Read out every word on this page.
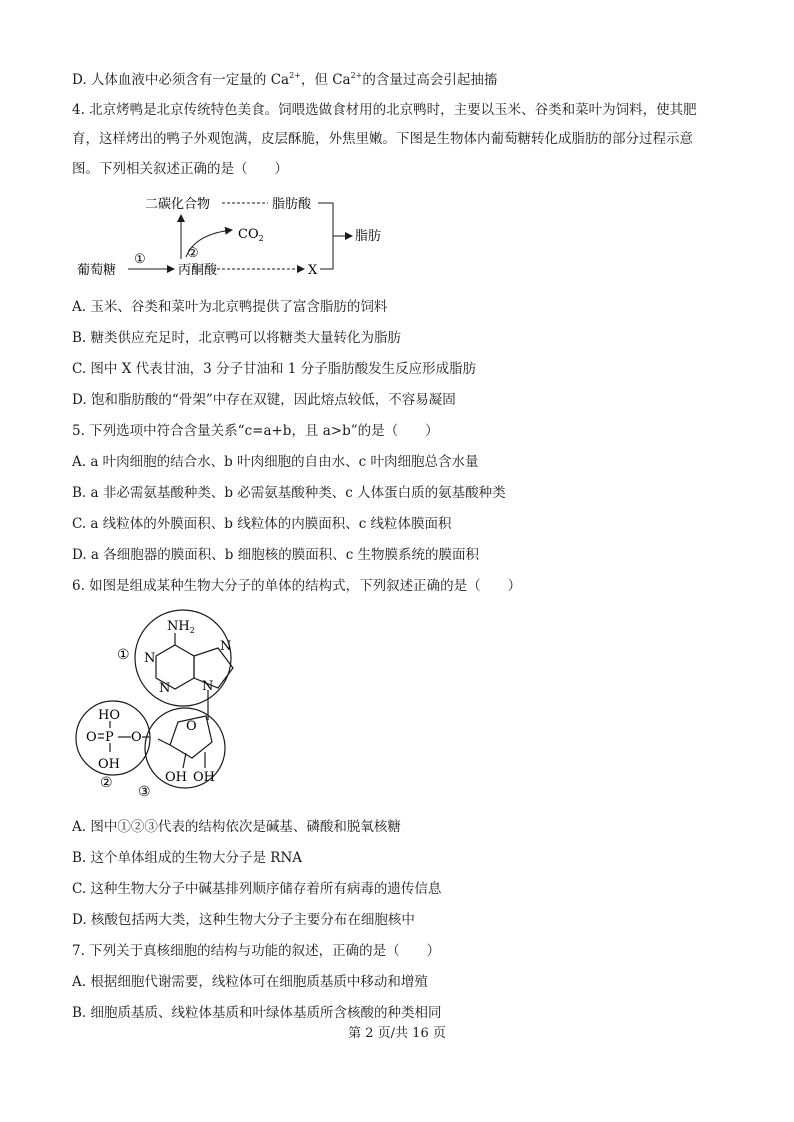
D. 人体血液中必须含有一定量的 $Ca^{2+}$，但 $Ca^{2+}$的含量过高会引起抽搐
4. 北京烤鸭是北京传统特色美食。饲喂选做食材用的北京鸭时，主要以玉米、谷类和菜叶为饲料，使其肥
育，这样烤出的鸭子外观饱满，皮层酥脆，外焦里嫩。下图是生物体内葡萄糖转化成脂肪的部分过程示意
图。下列相关叙述正确的是（　　）
二碳化合物	脂肪酸
$CO_2$	脂肪
葡萄糖
①	②
丙酮酸	X
A. 玉米、谷类和菜叶为北京鸭提供了富含脂肪的饲料
B. 糖类供应充足时，北京鸭可以将糖类大量转化为脂肪
C. 图中 X 代表甘油，3 分子甘油和 1 分子脂肪酸发生反应形成脂肪
D. 饱和脂肪酸的“骨架”中存在双键，因此熔点较低，不容易凝固
5. 下列选项中符合含量关系“c=a+b，且 a>b”的是（　　）
A. a 叶肉细胞的结合水、b 叶肉细胞的自由水、c 叶肉细胞总含水量
B. a 非必需氨基酸种类、b 必需氨基酸种类、c 人体蛋白质的氨基酸种类
C. a 线粒体的外膜面积、b 线粒体的内膜面积、c 线粒体膜面积
D. a 各细胞器的膜面积、b 细胞核的膜面积、c 生物膜系统的膜面积
6. 如图是组成某种生物大分子的单体的结构式，下列叙述正确的是（　　）
$NH_2$
N
N
N
N
①
HO
O P O
OH
O
②
③
OH OH
A. 图中①②③代表的结构依次是碱基、磷酸和脱氧核糖
B. 这个单体组成的生物大分子是 RNA
C. 这种生物大分子中碱基排列顺序储存着所有病毒的遗传信息
D. 核酸包括两大类，这种生物大分子主要分布在细胞核中
7. 下列关于真核细胞的结构与功能的叙述，正确的是（　　）
A. 根据细胞代谢需要，线粒体可在细胞质基质中移动和增殖
B. 细胞质基质、线粒体基质和叶绿体基质所含核酸的种类相同
第 2 页/共 16 页
